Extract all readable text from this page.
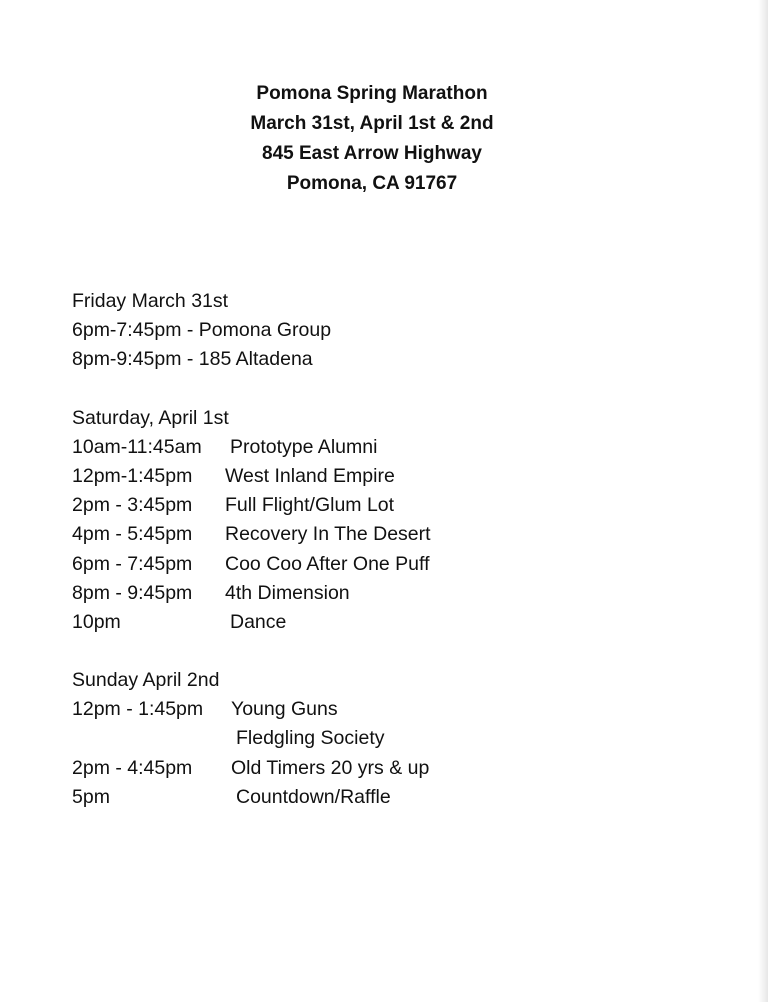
Pomona Spring Marathon
March 31st, April 1st & 2nd
845 East Arrow Highway
Pomona, CA 91767
Friday March 31st
6pm-7:45pm - Pomona Group
8pm-9:45pm - 185 Altadena
Saturday, April 1st
10am-11:45am Prototype Alumni
12pm-1:45pm West Inland Empire
2pm - 3:45pm Full Flight/Glum Lot
4pm - 5:45pm Recovery In The Desert
6pm - 7:45pm Coo Coo After One Puff
8pm - 9:45pm 4th Dimension
10pm	Dance
Sunday April 2nd
12pm - 1:45pm Young Guns
Fledgling Society
2pm - 4:45pm Old Timers 20 yrs & up
5pm	Countdown/Raffle
